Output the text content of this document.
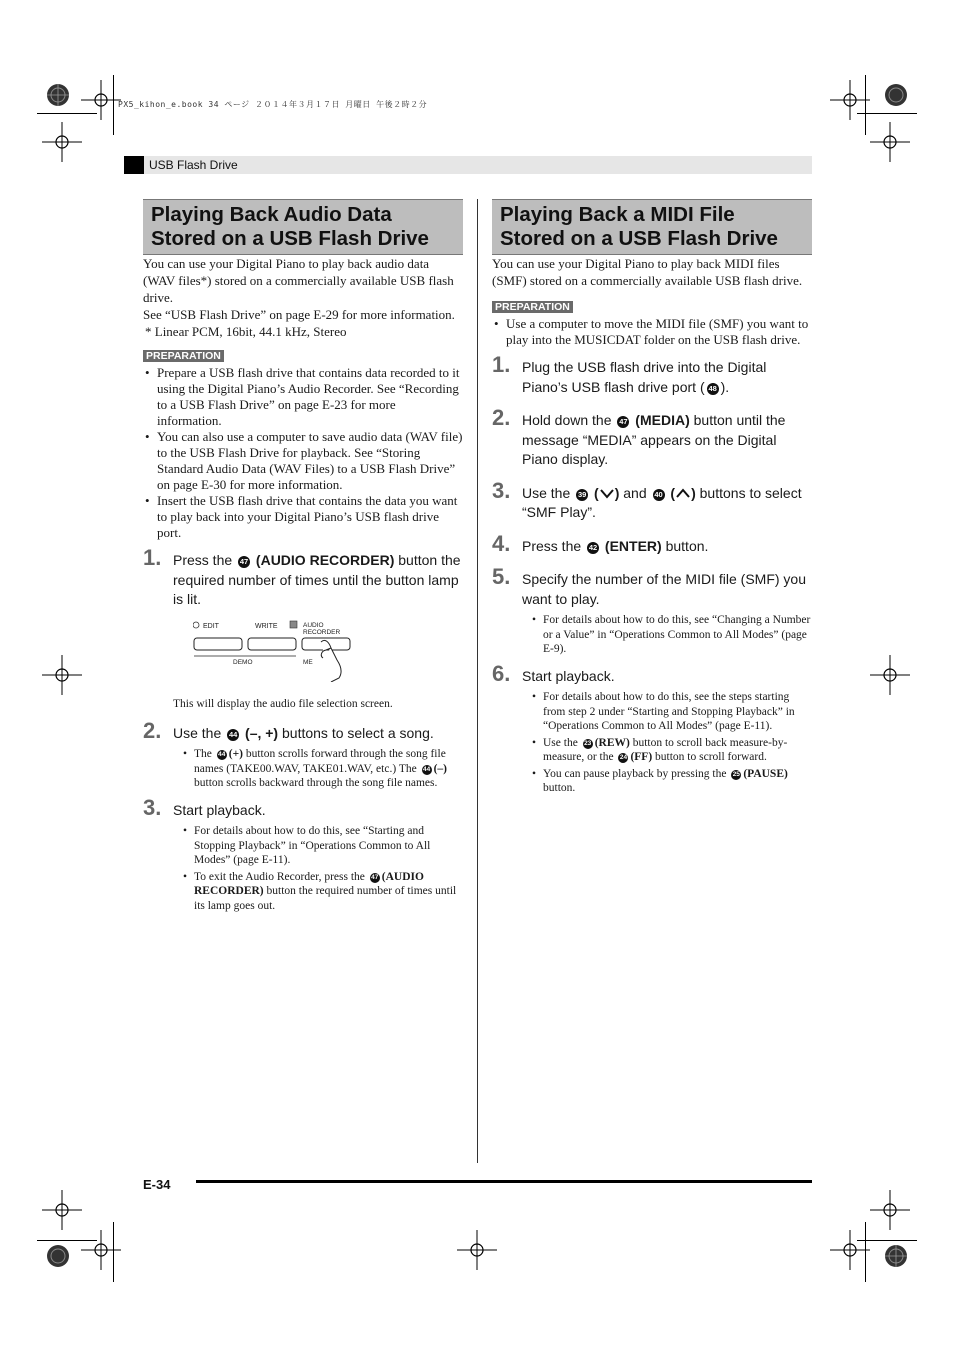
PX5_kihon_e.book 34 ページ ２０１４年３月１７日 月曜日 午後２時２分
USB Flash Drive
Playing Back Audio Data
Stored on a USB Flash Drive

You can use your Digital Piano to play back audio data (WAV files*) stored on a commercially available USB flash drive.

See “USB Flash Drive” on page E-29 for more information.

* Linear PCM, 16bit, 44.1 kHz, Stereo

PREPARATION
• Prepare a USB flash drive that contains data recorded to it using the Digital Piano’s Audio Recorder. See “Recording to a USB Flash Drive” on page E-23 for more information.
• You can also use a computer to save audio data (WAV file) to the USB Flash Drive for playback. See “Storing Standard Audio Data (WAV Files) to a USB Flash Drive” on page E-30 for more information.
• Insert the USB flash drive that contains the data you want to play back into your Digital Piano’s USB flash drive port.
1. Press the 47 (AUDIO RECORDER) button the required number of times until the button lamp is lit.
EDIT	WRITE	AUDIO
RECORDER
DEMO	ME

This will display the audio file selection screen.

2. Use the 44 (–, +) buttons to select a song.
• The 44 (+) button scrolls forward through the song file names (TAKE00.WAV, TAKE01.WAV, etc.) The 44 (–) button scrolls backward through the song file names.
3. Start playback.
• For details about how to do this, see “Starting and Stopping Playback” in “Operations Common to All Modes” (page E-11).
• To exit the Audio Recorder, press the 47 (AUDIO RECORDER) button the required number of times until its lamp goes out.
Playing Back a MIDI File
Stored on a USB Flash Drive

You can use your Digital Piano to play back MIDI files (SMF) stored on a commercially available USB flash drive.

PREPARATION
• Use a computer to move the MIDI file (SMF) you want to play into the MUSICDAT folder on the USB flash drive.
1. Plug the USB flash drive into the Digital Piano’s USB flash drive port ( 48 ).
2. Hold down the 47 (MEDIA) button until the message “MEDIA” appears on the Digital Piano display.
3. Use the 39 ( ) and 40 ( ) buttons to select “SMF Play”.
4. Press the 42 (ENTER) button.
5. Specify the number of the MIDI file (SMF) you want to play.
• For details about how to do this, see “Changing a Number or a Value” in “Operations Common to All Modes” (page E-9).
6. Start playback.
• For details about how to do this, see the steps starting from step 2 under “Starting and Stopping Playback” in “Operations Common to All Modes” (page E-11).
• Use the 23 (REW) button to scroll back measure-by-measure, or the 24 (FF) button to scroll forward.
• You can pause playback by pressing the 25 (PAUSE) button.
E-34
